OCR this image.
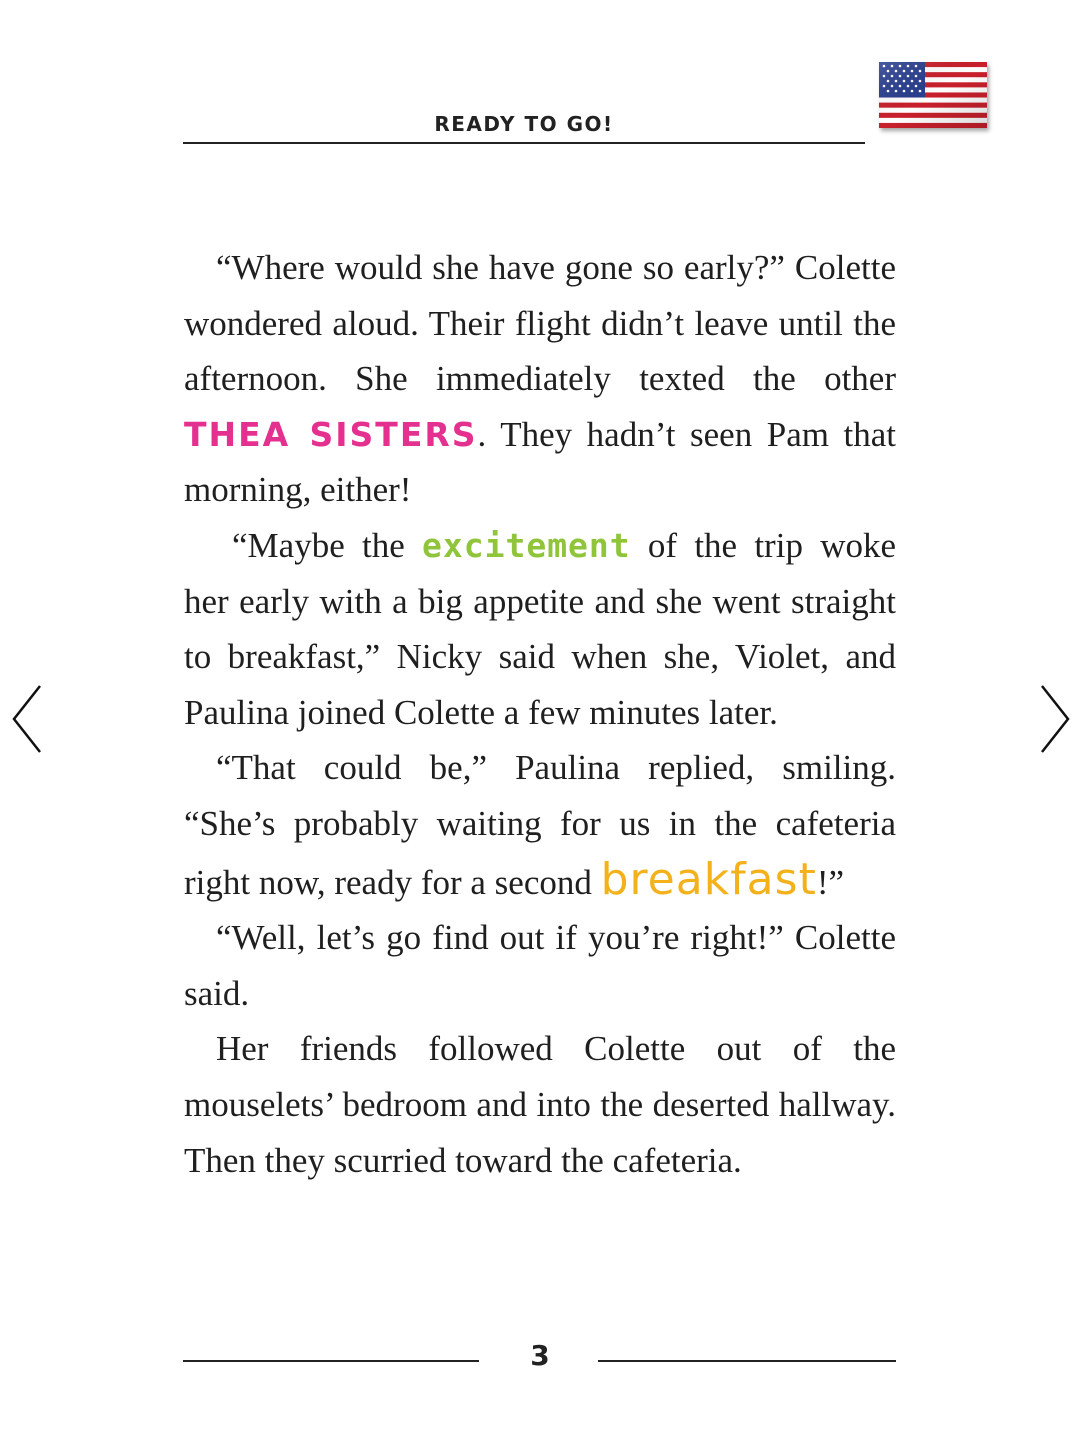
READY TO GO!

“Where would she have gone so early?” Colette wondered aloud. Their flight didn’t leave until the afternoon. She immediately texted the other THEA SISTERS. They hadn’t seen Pam that morning, either!

“Maybe the excitement of the trip woke her early with a big appetite and she went straight to breakfast,” Nicky said when she, Violet, and Paulina joined Colette a few minutes later.

“That could be,” Paulina replied, smiling. “She’s probably waiting for us in the cafeteria right now, ready for a second breakfast!”

“Well, let’s go find out if you’re right!” Colette said.

Her friends followed Colette out of the mouselets’ bedroom and into the deserted hallway. Then they scurried toward the cafeteria.

3
